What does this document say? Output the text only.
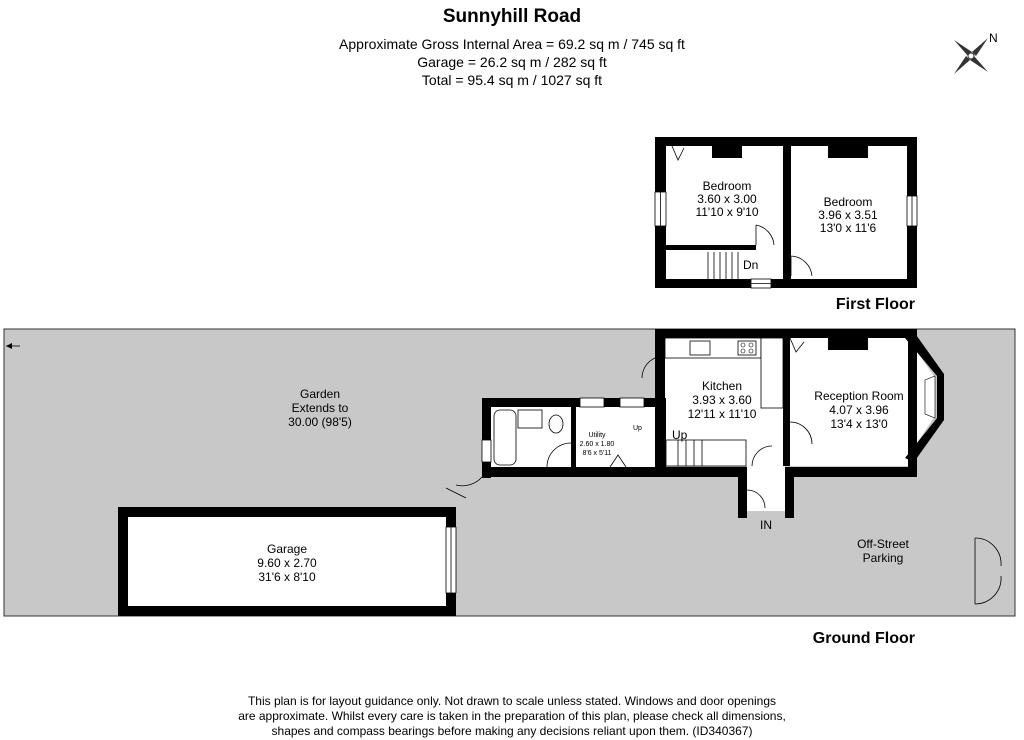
Sunnyhill Road
Approximate Gross Internal Area = 69.2 sq m / 745 sq ft
Garage = 26.2 sq m / 282 sq ft
Total = 95.4 sq m / 1027 sq ft
N
Bedroom
3.60 x 3.00
11'10 x 9'10
Bedroom
3.96 x 3.51
13'0 x 11'6
Dn
First Floor
Garden
Extends to
30.00 (98'5)
Kitchen
3.93 x 3.60
12'11 x 11'10
Reception Room
4.07 x 3.96
13'4 x 13'0
Utility
2.60 x 1.80
8'6 x 5'11
Up	Up
IN
Garage
9.60 x 2.70
31'6 x 8'10
Off-Street
Parking
Ground Floor
This plan is for layout guidance only. Not drawn to scale unless stated. Windows and door openings
are approximate. Whilst every care is taken in the preparation of this plan, please check all dimensions,
shapes and compass bearings before making any decisions reliant upon them. (ID340367)
